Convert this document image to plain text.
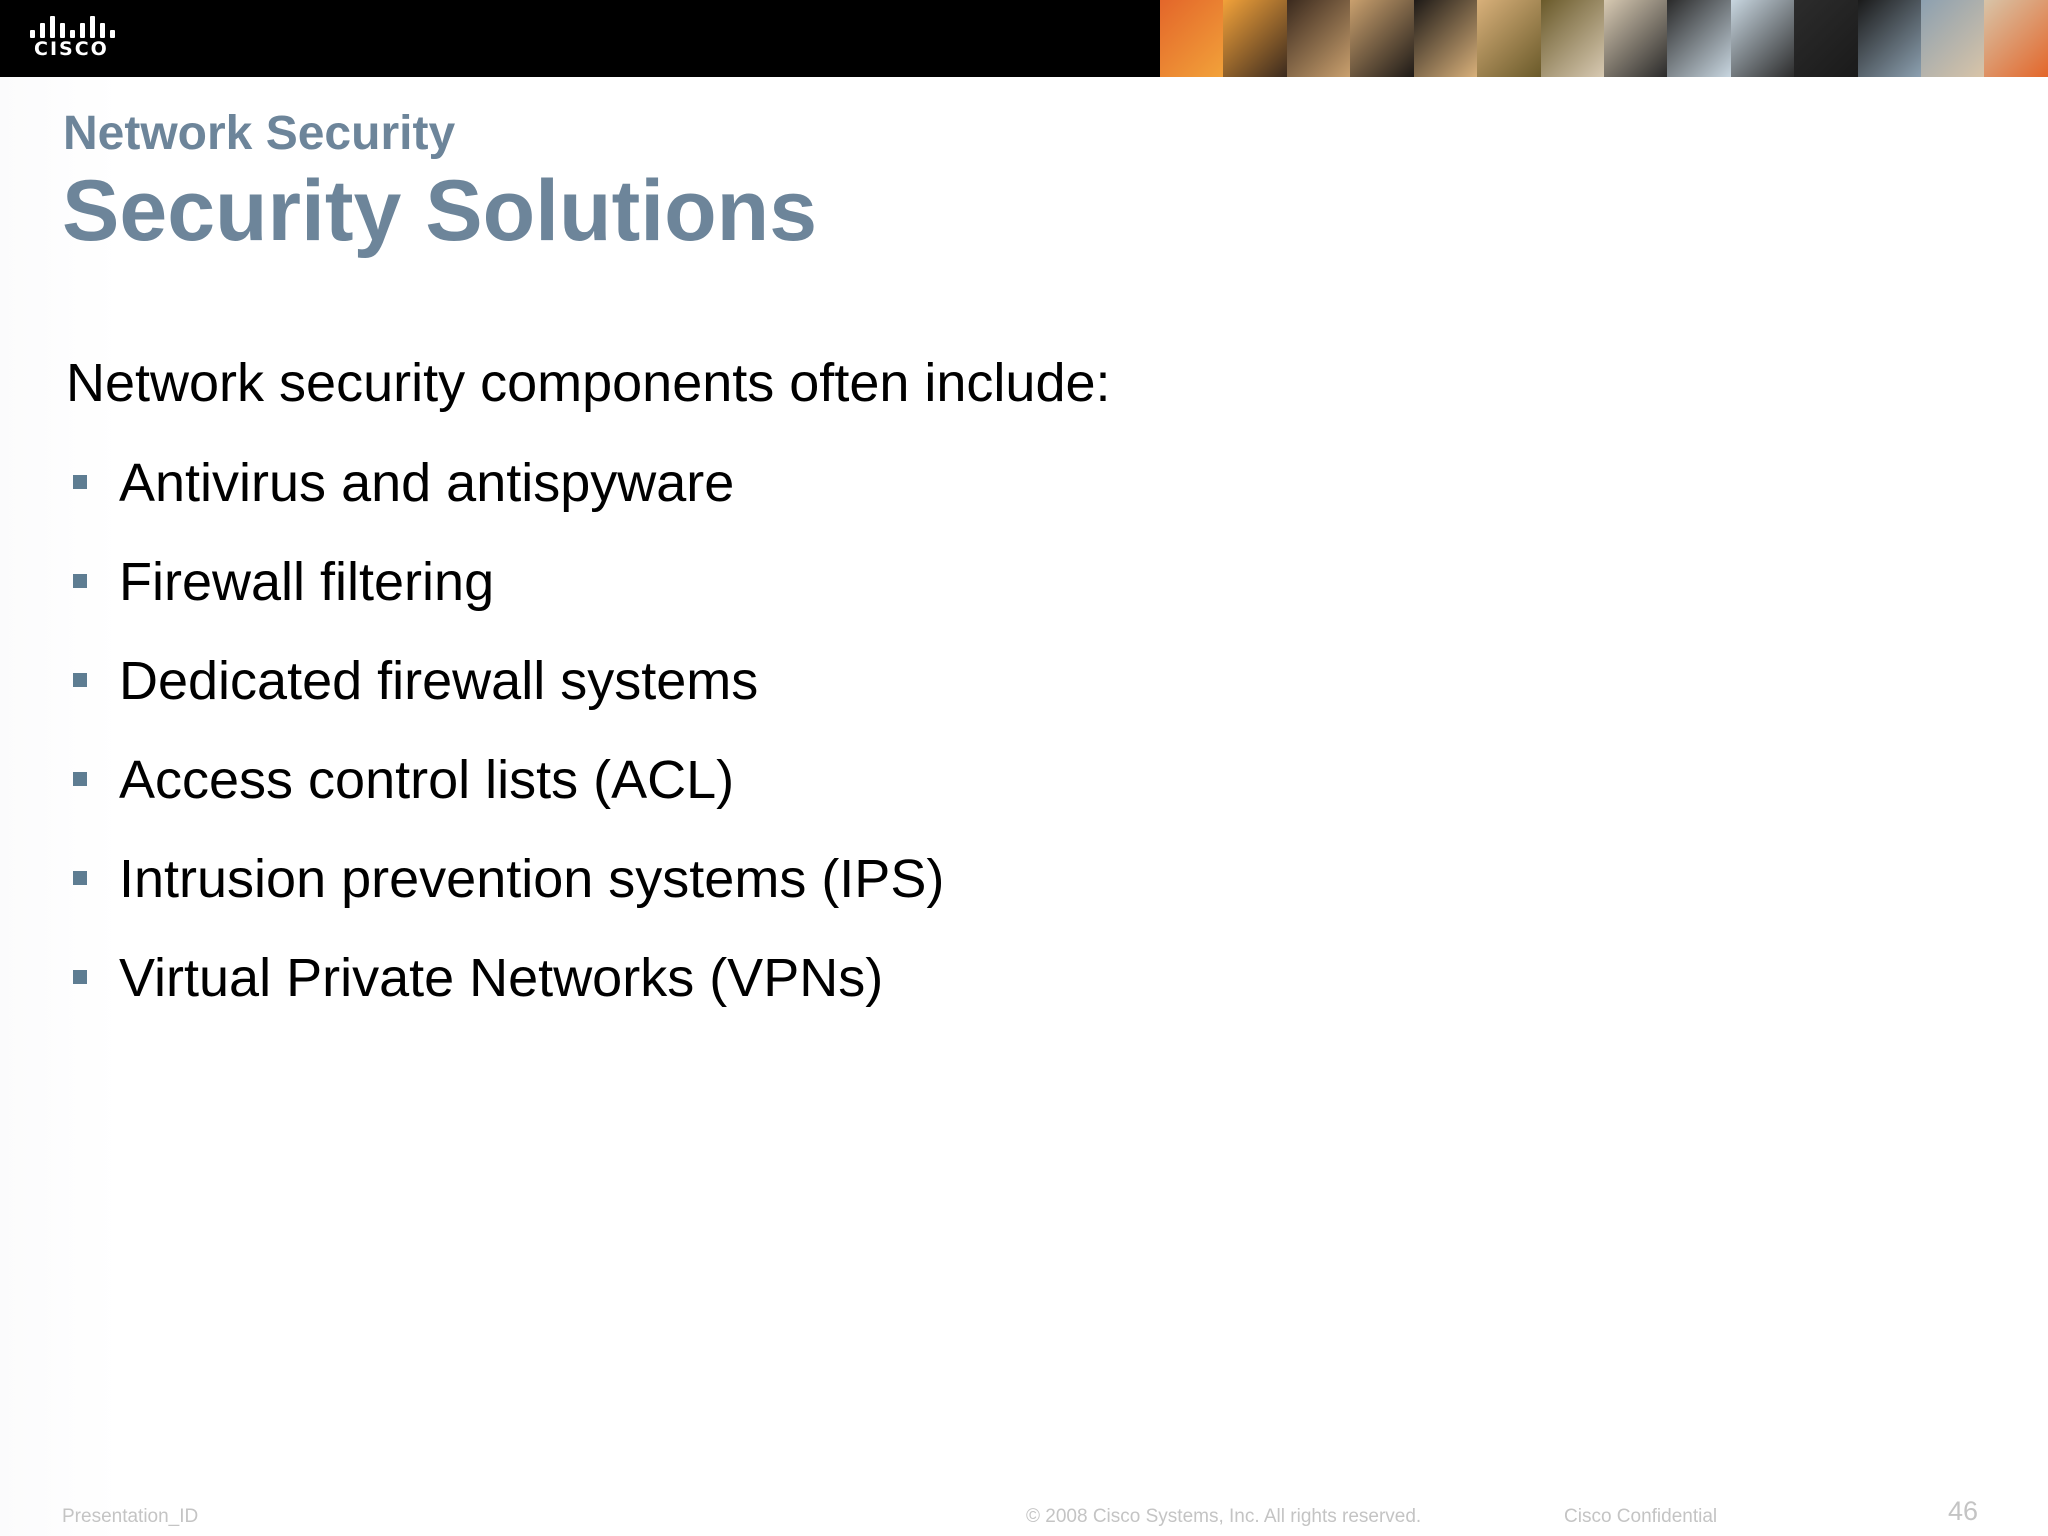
CISCO
Network Security
Security Solutions
Network security components often include:
Antivirus and antispyware
Firewall filtering
Dedicated firewall systems
Access control lists (ACL)
Intrusion prevention systems (IPS)
Virtual Private Networks (VPNs)
Presentation_ID	© 2008 Cisco Systems, Inc. All rights reserved.	Cisco Confidential	46
